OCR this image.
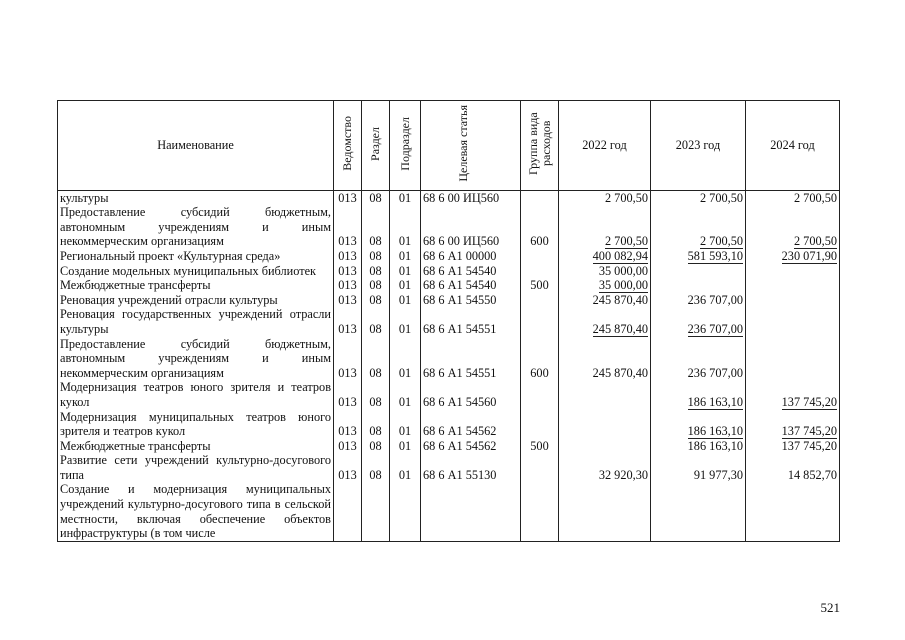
Наименование	Ведомство	Раздел	Подраздел	Целевая статья	Группа вида расходов	2022 год	2023 год	2024 год
культуры	013	08	01	68 6 00 ИЦ560		2 700,50	2 700,50	2 700,50
Предоставление субсидий бюджетным, автономным учреждениям и иным некоммерческим организациям	013	08	01	68 6 00 ИЦ560	600	2 700,50	2 700,50	2 700,50
Региональный проект «Культурная среда»	013	08	01	68 6 А1 00000		400 082,94	581 593,10	230 071,90
Создание модельных муниципальных библиотек	013	08	01	68 6 А1 54540		35 000,00		
Межбюджетные трансферты	013	08	01	68 6 А1 54540	500	35 000,00		
Реновация учреждений отрасли культуры	013	08	01	68 6 А1 54550		245 870,40	236 707,00	
Реновация государственных учреждений отрасли культуры	013	08	01	68 6 А1 54551		245 870,40	236 707,00	
Предоставление субсидий бюджетным, автономным учреждениям и иным некоммерческим организациям	013	08	01	68 6 А1 54551	600	245 870,40	236 707,00	
Модернизация театров юного зрителя и театров кукол	013	08	01	68 6 А1 54560			186 163,10	137 745,20
Модернизация муниципальных театров юного зрителя и театров кукол	013	08	01	68 6 А1 54562			186 163,10	137 745,20
Межбюджетные трансферты	013	08	01	68 6 А1 54562	500		186 163,10	137 745,20
Развитие сети учреждений культурно-досугового типа	013	08	01	68 6 А1 55130		32 920,30	91 977,30	14 852,70
Создание и модернизация муниципальных учреждений культурно-досугового типа в сельской местности, включая обеспечение объектов инфраструктуры (в том числе								
521
